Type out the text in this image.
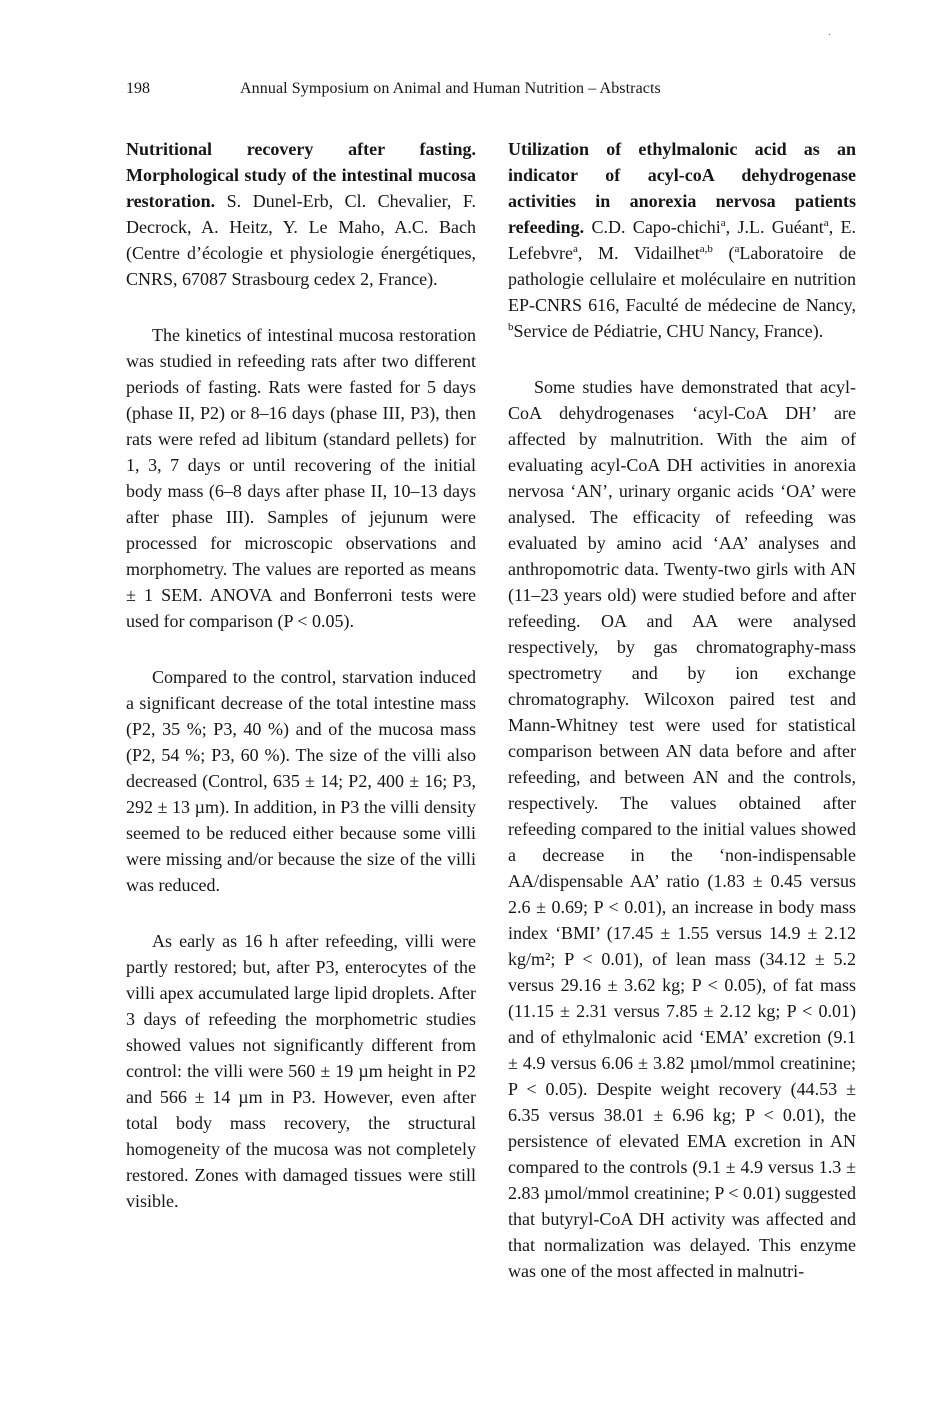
·
198	Annual Symposium on Animal and Human Nutrition – Abstracts

Nutritional recovery after fasting. Morphological study of the intestinal mucosa restoration. S. Dunel-Erb, Cl. Chevalier, F. Decrock, A. Heitz, Y. Le Maho, A.C. Bach (Centre d’écologie et physiologie énergétiques, CNRS, 67087 Strasbourg cedex 2, France).

The kinetics of intestinal mucosa restoration was studied in refeeding rats after two different periods of fasting. Rats were fasted for 5 days (phase II, P2) or 8–16 days (phase III, P3), then rats were refed ad libitum (standard pellets) for 1, 3, 7 days or until recovering of the initial body mass (6–8 days after phase II, 10–13 days after phase III). Samples of jejunum were processed for microscopic observations and morphometry. The values are reported as means ± 1 SEM. ANOVA and Bonferroni tests were used for comparison (P < 0.05).

Compared to the control, starvation induced a significant decrease of the total intestine mass (P2, 35 %; P3, 40 %) and of the mucosa mass (P2, 54 %; P3, 60 %). The size of the villi also decreased (Control, 635 ± 14; P2, 400 ± 16; P3, 292 ± 13 µm). In addition, in P3 the villi density seemed to be reduced either because some villi were missing and/or because the size of the villi was reduced.

As early as 16 h after refeeding, villi were partly restored; but, after P3, enterocytes of the villi apex accumulated large lipid droplets. After 3 days of refeeding the morphometric studies showed values not significantly different from control: the villi were 560 ± 19 µm height in P2 and 566 ± 14 µm in P3. However, even after total body mass recovery, the structural homogeneity of the mucosa was not completely restored. Zones with damaged tissues were still visible.

Utilization of ethylmalonic acid as an indicator of acyl-coA dehydrogenase activities in anorexia nervosa patients refeeding. C.D. Capo-chichi$^a$, J.L. Guéant$^a$, E. Lefebvre$^a$, M. Vidailhet$^{a,b}$ ($^a$Laboratoire de pathologie cellulaire et moléculaire en nutrition EP-CNRS 616, Faculté de médecine de Nancy, $^b$Service de Pédiatrie, CHU Nancy, France).

Some studies have demonstrated that acyl-CoA dehydrogenases ‘acyl-CoA DH’ are affected by malnutrition. With the aim of evaluating acyl-CoA DH activities in anorexia nervosa ‘AN’, urinary organic acids ‘OA’ were analysed. The efficacity of refeeding was evaluated by amino acid ‘AA’ analyses and anthropomotric data. Twenty-two girls with AN (11–23 years old) were studied before and after refeeding. OA and AA were analysed respectively, by gas chromatography-mass spectrometry and by ion exchange chromatography. Wilcoxon paired test and Mann-Whitney test were used for statistical comparison between AN data before and after refeeding, and between AN and the controls, respectively. The values obtained after refeeding compared to the initial values showed a decrease in the ‘non-indispensable AA/dispensable AA’ ratio (1.83 ± 0.45 versus 2.6 ± 0.69; P < 0.01), an increase in body mass index ‘BMI’ (17.45 ± 1.55 versus 14.9 ± 2.12 kg/m²; P < 0.01), of lean mass (34.12 ± 5.2 versus 29.16 ± 3.62 kg; P < 0.05), of fat mass (11.15 ± 2.31 versus 7.85 ± 2.12 kg; P < 0.01) and of ethylmalonic acid ‘EMA’ excretion (9.1 ± 4.9 versus 6.06 ± 3.82 µmol/mmol creatinine; P < 0.05). Despite weight recovery (44.53 ± 6.35 versus 38.01 ± 6.96 kg; P < 0.01), the persistence of elevated EMA excretion in AN compared to the controls (9.1 ± 4.9 versus 1.3 ± 2.83 µmol/mmol creatinine; P < 0.01) suggested that butyryl-CoA DH activity was affected and that normalization was delayed. This enzyme was one of the most affected in malnutri-
